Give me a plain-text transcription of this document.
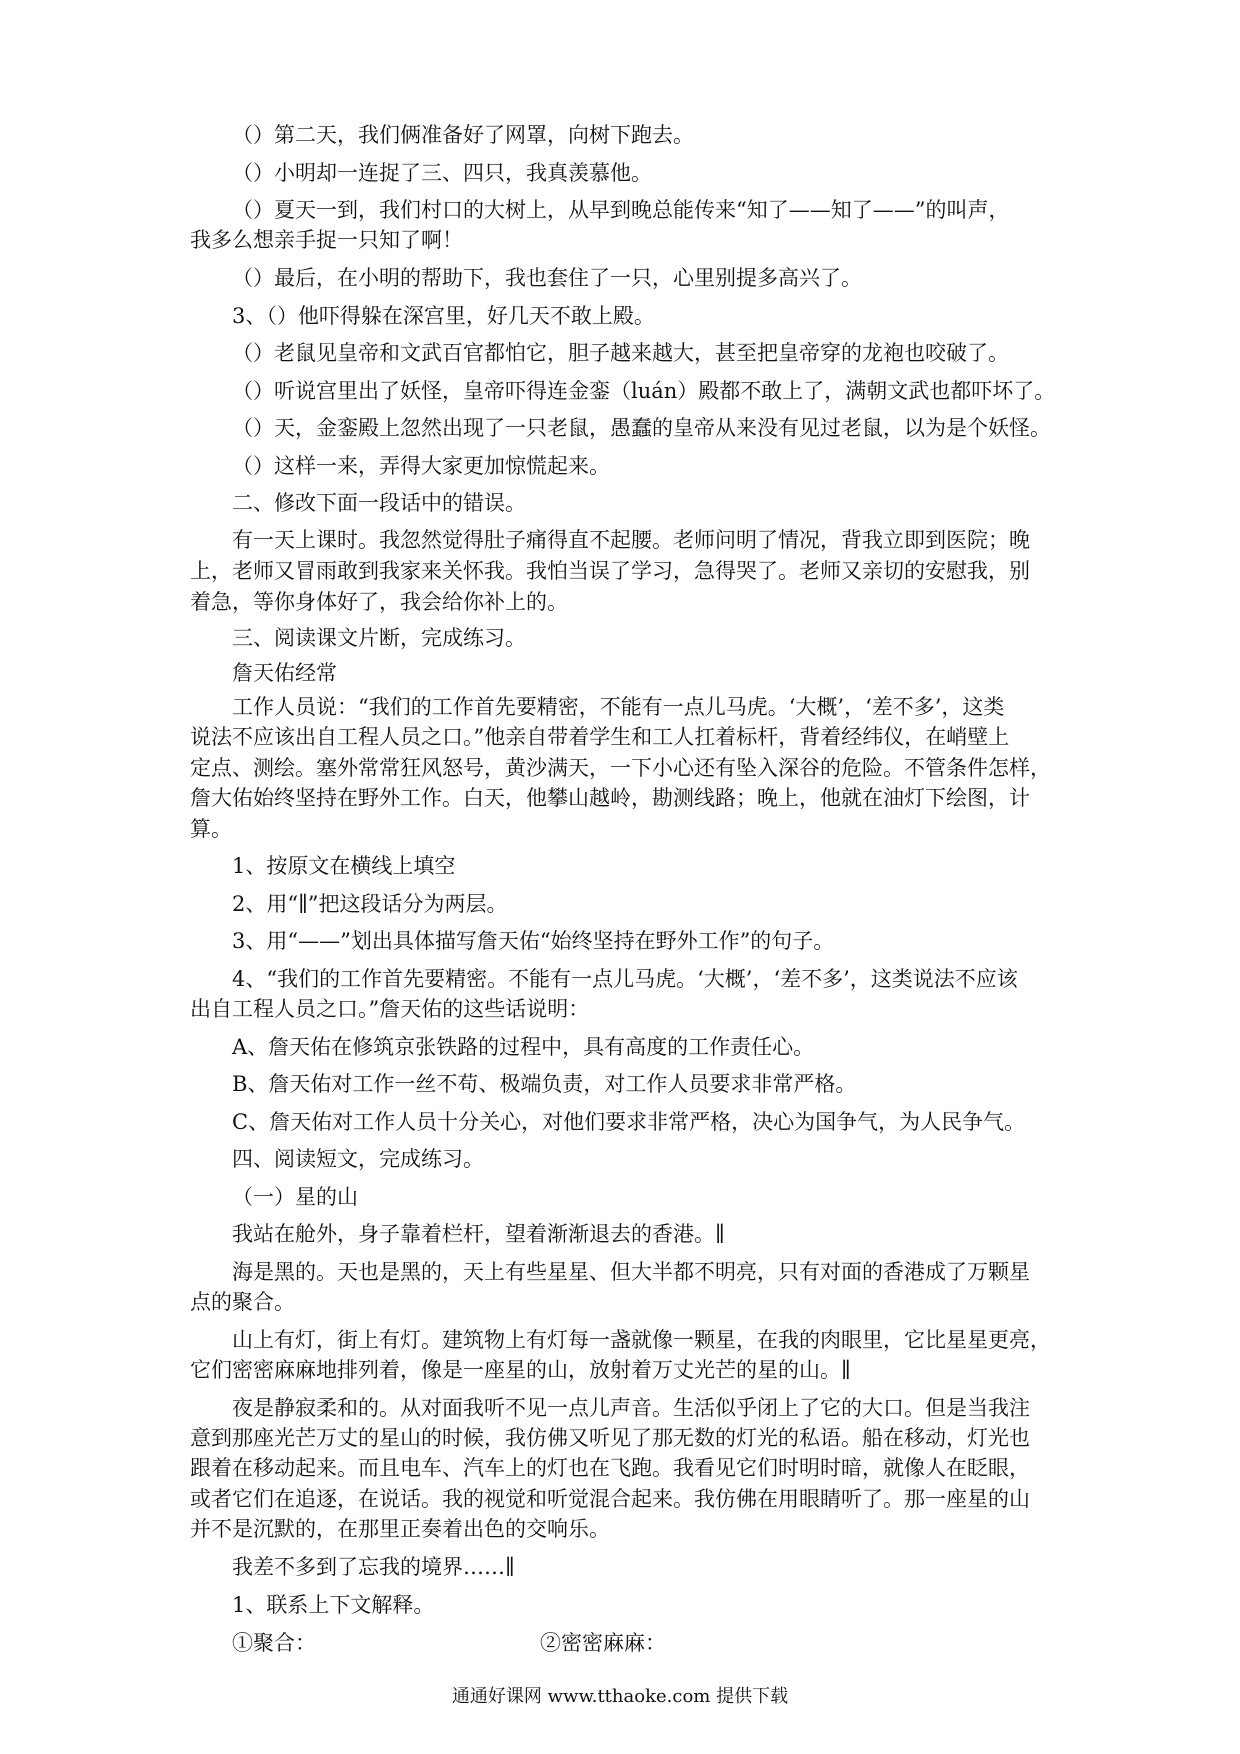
（）第二天，我们俩准备好了网罩，向树下跑去。
（）小明却一连捉了三、四只，我真羡慕他。
（）夏天一到，我们村口的大树上，从早到晚总能传来“知了——知了——”的叫声，
我多么想亲手捉一只知了啊！
（）最后，在小明的帮助下，我也套住了一只，心里别提多高兴了。
3、（）他吓得躲在深宫里，好几天不敢上殿。
（）老鼠见皇帝和文武百官都怕它，胆子越来越大，甚至把皇帝穿的龙袍也咬破了。
（）听说宫里出了妖怪，皇帝吓得连金銮（luán）殿都不敢上了，满朝文武也都吓坏了。
（）天，金銮殿上忽然出现了一只老鼠，愚蠢的皇帝从来没有见过老鼠，以为是个妖怪。
（）这样一来，弄得大家更加惊慌起来。
二、修改下面一段话中的错误。
有一天上课时。我忽然觉得肚子痛得直不起腰。老师问明了情况，背我立即到医院；晚
上，老师又冒雨敢到我家来关怀我。我怕当误了学习，急得哭了。老师又亲切的安慰我，别
着急，等你身体好了，我会给你补上的。
三、阅读课文片断，完成练习。
詹天佑经常
工作人员说：“我们的工作首先要精密，不能有一点儿马虎。‘大概’，‘差不多’，这类
说法不应该出自工程人员之口。”他亲自带着学生和工人扛着标杆，背着经纬仪，在峭壁上
定点、测绘。塞外常常狂风怒号，黄沙满天，一下小心还有坠入深谷的危险。不管条件怎样，
詹大佑始终坚持在野外工作。白天，他攀山越岭，勘测线路；晚上，他就在油灯下绘图，计
算。
1、按原文在横线上填空
2、用“∥”把这段话分为两层。
3、用“——”划出具体描写詹天佑“始终坚持在野外工作”的句子。
4、“我们的工作首先要精密。不能有一点儿马虎。‘大概’，‘差不多’，这类说法不应该
出自工程人员之口。”詹天佑的这些话说明：
A、詹天佑在修筑京张铁路的过程中，具有高度的工作责任心。
B、詹天佑对工作一丝不苟、极端负责，对工作人员要求非常严格。
C、詹天佑对工作人员十分关心，对他们要求非常严格，决心为国争气，为人民争气。
四、阅读短文，完成练习。
（一）星的山
我站在舱外，身子靠着栏杆，望着渐渐退去的香港。∥
海是黑的。天也是黑的，天上有些星星、但大半都不明亮，只有对面的香港成了万颗星
点的聚合。
山上有灯，街上有灯。建筑物上有灯每一盏就像一颗星，在我的肉眼里，它比星星更亮，
它们密密麻麻地排列着，像是一座星的山，放射着万丈光芒的星的山。∥
夜是静寂柔和的。从对面我听不见一点儿声音。生活似乎闭上了它的大口。但是当我注
意到那座光芒万丈的星山的时候，我仿佛又听见了那无数的灯光的私语。船在移动，灯光也
跟着在移动起来。而且电车、汽车上的灯也在飞跑。我看见它们时明时暗，就像人在眨眼，
或者它们在追逐，在说话。我的视觉和听觉混合起来。我仿佛在用眼睛听了。那一座星的山
并不是沉默的，在那里正奏着出色的交响乐。
我差不多到了忘我的境界……∥
1、联系上下文解释。
①聚合：	②密密麻麻：
通通好课网 www.tthaoke.com 提供下载
